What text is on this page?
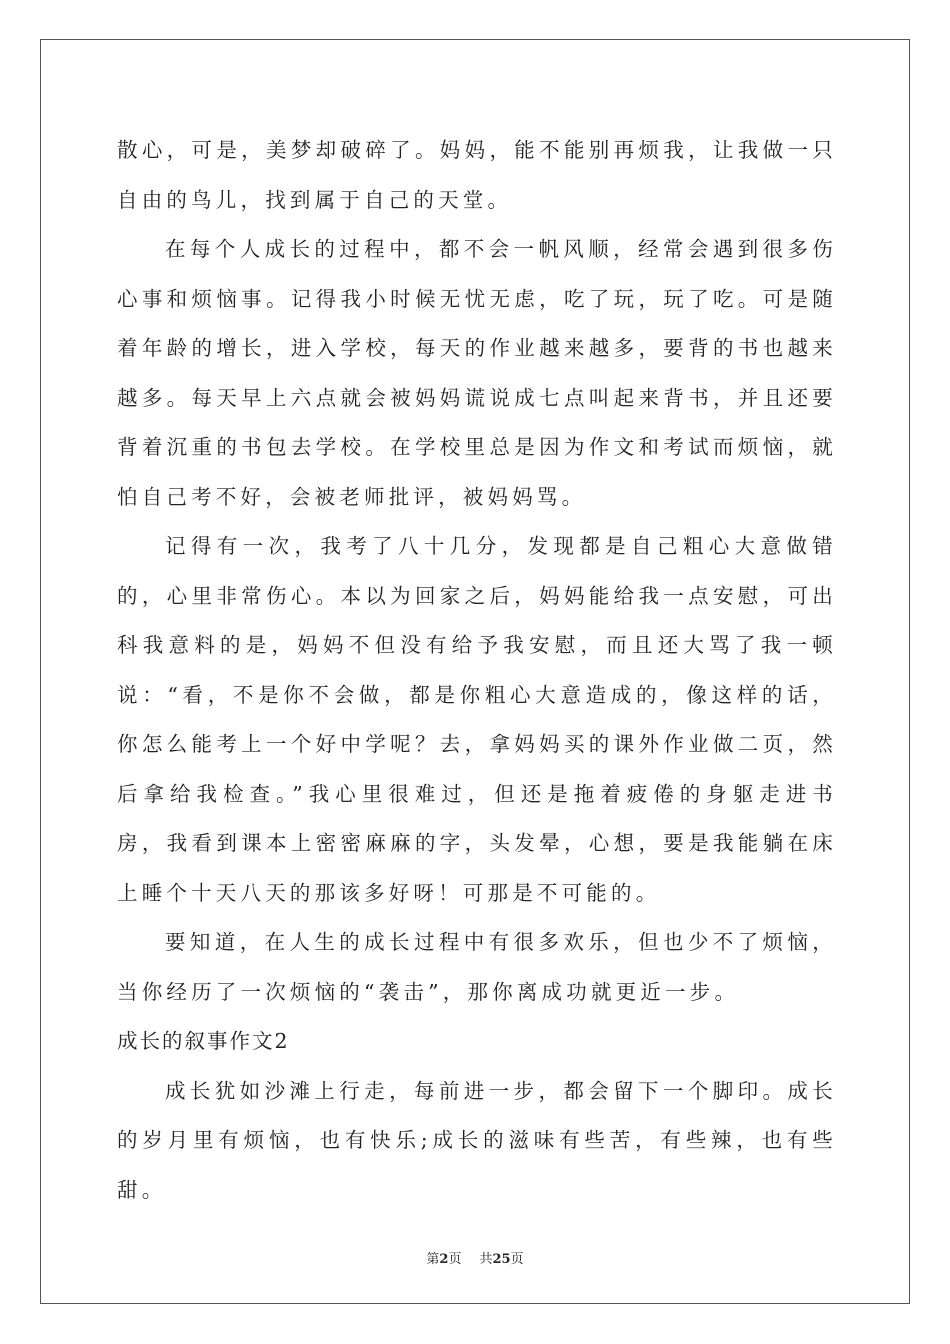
散心，可是，美梦却破碎了。妈妈，能不能别再烦我，让我做一只自由的鸟儿，找到属于自己的天堂。

在每个人成长的过程中，都不会一帆风顺，经常会遇到很多伤心事和烦恼事。记得我小时候无忧无虑，吃了玩，玩了吃。可是随着年龄的增长，进入学校，每天的作业越来越多，要背的书也越来越多。每天早上六点就会被妈妈谎说成七点叫起来背书，并且还要背着沉重的书包去学校。在学校里总是因为作文和考试而烦恼，就怕自己考不好，会被老师批评，被妈妈骂。

记得有一次，我考了八十几分，发现都是自己粗心大意做错的，心里非常伤心。本以为回家之后，妈妈能给我一点安慰，可出科我意料的是，妈妈不但没有给予我安慰，而且还大骂了我一顿说：“看，不是你不会做，都是你粗心大意造成的，像这样的话，你怎么能考上一个好中学呢？去，拿妈妈买的课外作业做二页，然后拿给我检查。”我心里很难过，但还是拖着疲倦的身躯走进书房，我看到课本上密密麻麻的字，头发晕，心想，要是我能躺在床上睡个十天八天的那该多好呀！可那是不可能的。

要知道，在人生的成长过程中有很多欢乐，但也少不了烦恼，当你经历了一次烦恼的“袭击”，那你离成功就更近一步。

成长的叙事作文2

成长犹如沙滩上行走，每前进一步，都会留下一个脚印。成长的岁月里有烦恼，也有快乐;成长的滋味有些苦，有些辣，也有些甜。

第2页 共25页
